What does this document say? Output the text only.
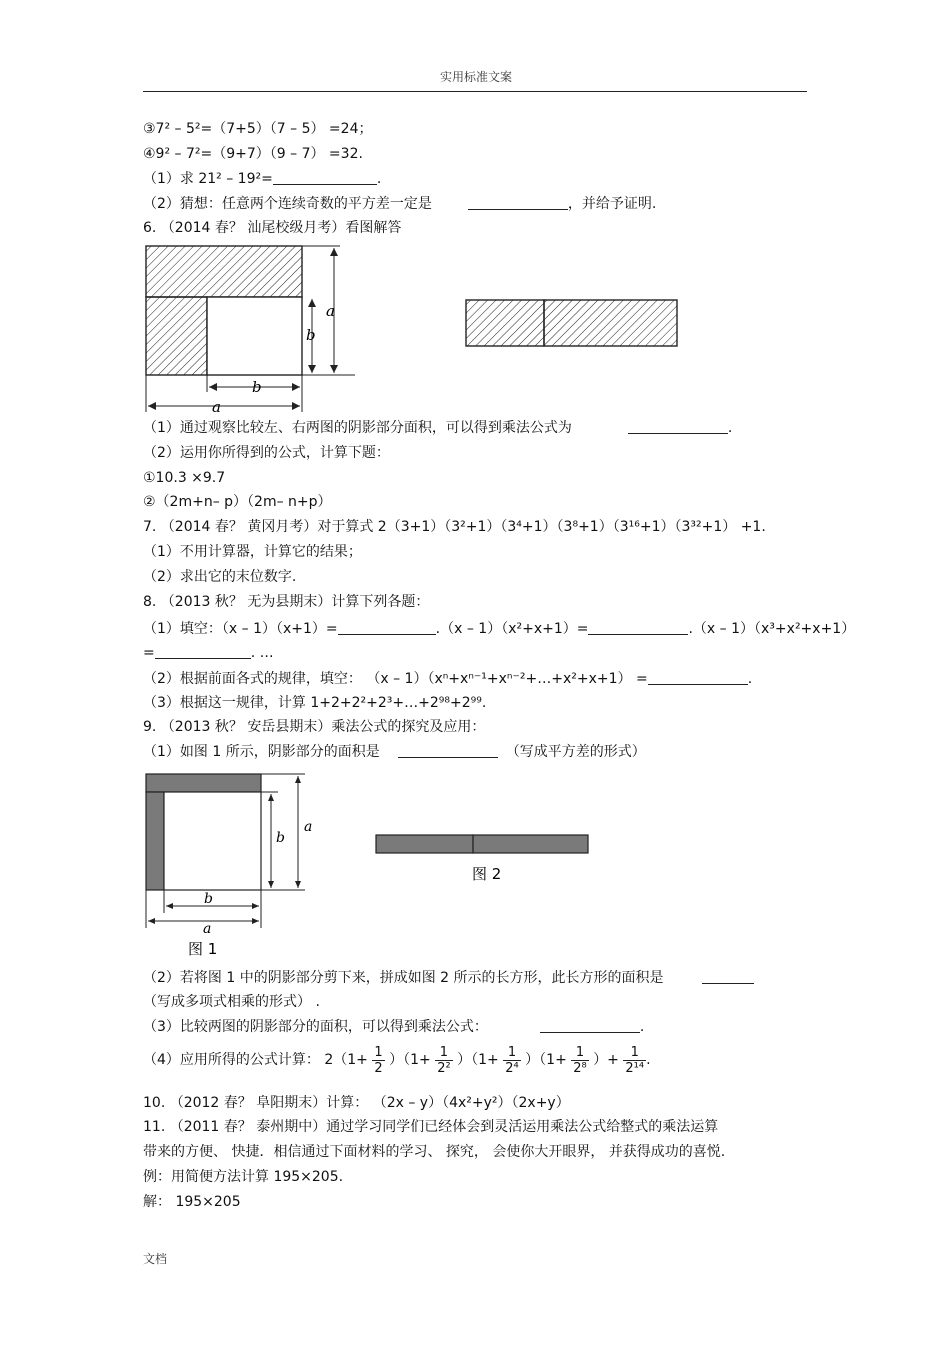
实用标准文案
③7² – 5²=（7+5）（7 – 5） =24；
④9² – 7²=（9+7）（9 – 7） =32.
（1）求 21² – 19²=	.
（2）猜想：任意两个连续奇数的平方差一定是	，并给予证明.
6. （2014 春？ 汕尾校级月考）看图解答
a
b
b
a
（1）通过观察比较左、右两图的阴影部分面积，可以得到乘法公式为	.
（2）运用你所得到的公式，计算下题：
①10.3 ×9.7
②（2m+n– p）（2m– n+p）
7. （2014 春？ 黄冈月考）对于算式 2（3+1）（3²+1）（3⁴+1）（3⁸+1）（3¹⁶+1）（3³²+1） +1.
（1）不用计算器，计算它的结果；
（2）求出它的末位数字.
8. （2013 秋？ 无为县期末）计算下列各题：
（1）填空：（x – 1）（x+1）=	.（x – 1）（x²+x+1）=	.（x – 1）（x³+x²+x+1）
=	. …
（2）根据前面各式的规律，填空： （x – 1）（xⁿ+xⁿ⁻¹+xⁿ⁻²+…+x²+x+1） =	.
（3）根据这一规律，计算 1+2+2²+2³+…+2⁹⁸+2⁹⁹.
9. （2013 秋？ 安岳县期末）乘法公式的探究及应用：
（1）如图 1 所示，阴影部分的面积是	（写成平方差的形式）
b
a
b
a
图 1
图 2
（2）若将图 1 中的阴影部分剪下来，拼成如图 2 所示的长方形，此长方形的面积是
（写成多项式相乘的形式） .
（3）比较两图的阴影部分的面积，可以得到乘法公式：	.
（4）应用所得的公式计算： $2(1+ \frac{1}{2} )(1+ \frac{1}{\text{2²}} )(1+ \frac{1}{\text{2⁴}} )(1+ \frac{1}{\text{2⁸}}$ ）+ $\frac{1}{\text{2¹⁴}}$ .
10. （2012 春？ 阜阳期末）计算： （2x – y）（4x²+y²）（2x+y）
11. （2011 春？ 泰州期中）通过学习同学们已经体会到灵活运用乘法公式给整式的乘法运算
带来的方便、 快捷．相信通过下面材料的学习、 探究， 会使你大开眼界， 并获得成功的喜悦.
例：用简便方法计算 195×205.
解： 195×205
文档
